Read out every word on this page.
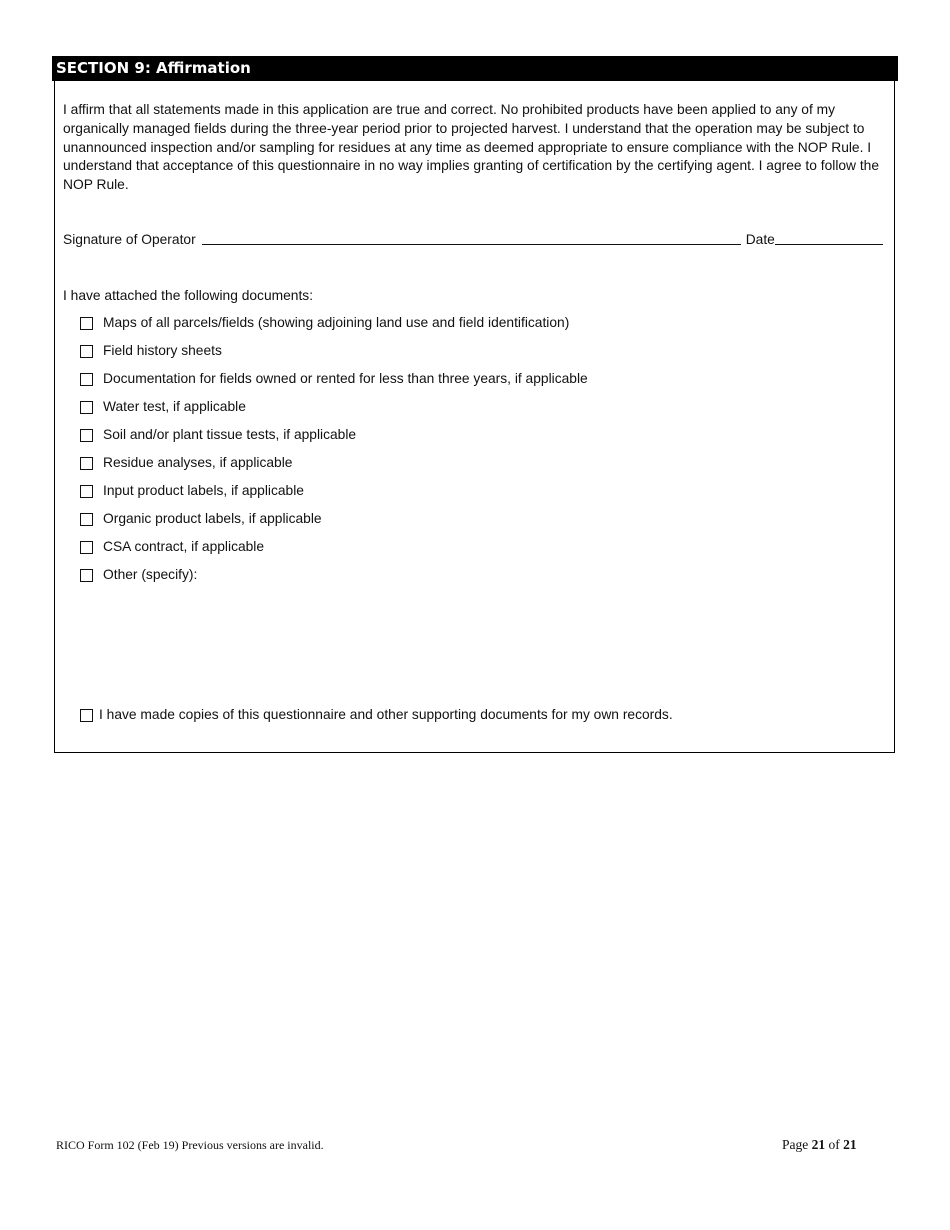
SECTION 9: Affirmation

I affirm that all statements made in this application are true and correct. No prohibited products have been applied to any of my organically managed fields during the three-year period prior to projected harvest. I understand that the operation may be subject to unannounced inspection and/or sampling for residues at any time as deemed appropriate to ensure compliance with the NOP Rule. I understand that acceptance of this questionnaire in no way implies granting of certification by the certifying agent. I agree to follow the NOP Rule.

Signature of Operator	Date
I have attached the following documents:
Maps of all parcels/fields (showing adjoining land use and field identification)
Field history sheets
Documentation for fields owned or rented for less than three years, if applicable
Water test, if applicable
Soil and/or plant tissue tests, if applicable
Residue analyses, if applicable
Input product labels, if applicable
Organic product labels, if applicable
CSA contract, if applicable
Other (specify):
I have made copies of this questionnaire and other supporting documents for my own records.
RICO Form 102 (Feb 19) Previous versions are invalid.	Page 21 of 21
